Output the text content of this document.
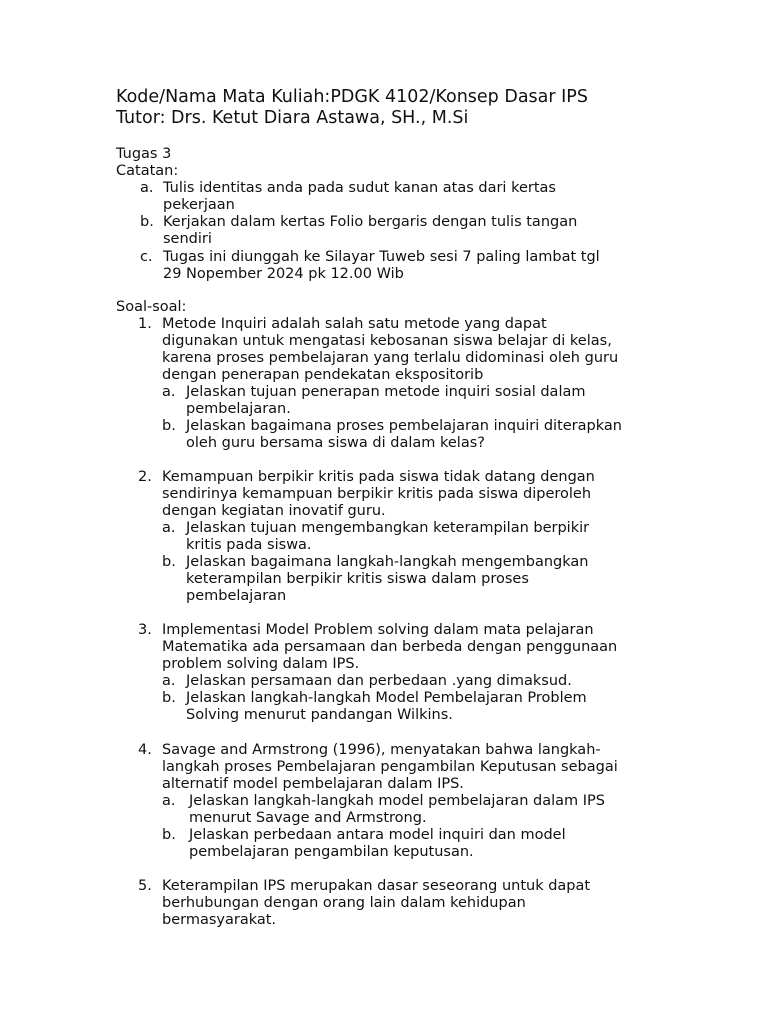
Kode/Nama Mata Kuliah:PDGK 4102/Konsep Dasar IPS
Tutor: Drs. Ketut Diara Astawa, SH., M.Si
Tugas 3
Catatan:
a. Tulis identitas anda pada sudut kanan atas dari kertas
pekerjaan
b. Kerjakan dalam kertas Folio bergaris dengan tulis tangan
sendiri
c. Tugas ini diunggah ke Silayar Tuweb sesi 7 paling lambat tgl
29 Nopember 2024 pk 12.00 Wib
Soal-soal:
1. Metode Inquiri adalah salah satu metode yang dapat
digunakan untuk mengatasi kebosanan siswa belajar di kelas,
karena proses pembelajaran yang terlalu didominasi oleh guru
dengan penerapan pendekatan ekspositorib
a. Jelaskan tujuan penerapan metode inquiri sosial dalam
pembelajaran.
b. Jelaskan bagaimana proses pembelajaran inquiri diterapkan
oleh guru bersama siswa di dalam kelas?
2. Kemampuan berpikir kritis pada siswa tidak datang dengan
sendirinya kemampuan berpikir kritis pada siswa diperoleh
dengan kegiatan inovatif guru.
a. Jelaskan tujuan mengembangkan keterampilan berpikir
kritis pada siswa.
b. Jelaskan bagaimana langkah-langkah mengembangkan
keterampilan berpikir kritis siswa dalam proses
pembelajaran
3. Implementasi Model Problem solving dalam mata pelajaran
Matematika ada persamaan dan berbeda dengan penggunaan
problem solving dalam IPS.
a. Jelaskan persamaan dan perbedaan .yang dimaksud.
b. Jelaskan langkah-langkah Model Pembelajaran Problem
Solving menurut pandangan Wilkins.
4. Savage and Armstrong (1996), menyatakan bahwa langkah-
langkah proses Pembelajaran pengambilan Keputusan sebagai
alternatif model pembelajaran dalam IPS.
a. Jelaskan langkah-langkah model pembelajaran dalam IPS
menurut Savage and Armstrong.
b. Jelaskan perbedaan antara model inquiri dan model
pembelajaran pengambilan keputusan.
5. Keterampilan IPS merupakan dasar seseorang untuk dapat
berhubungan dengan orang lain dalam kehidupan
bermasyarakat.
